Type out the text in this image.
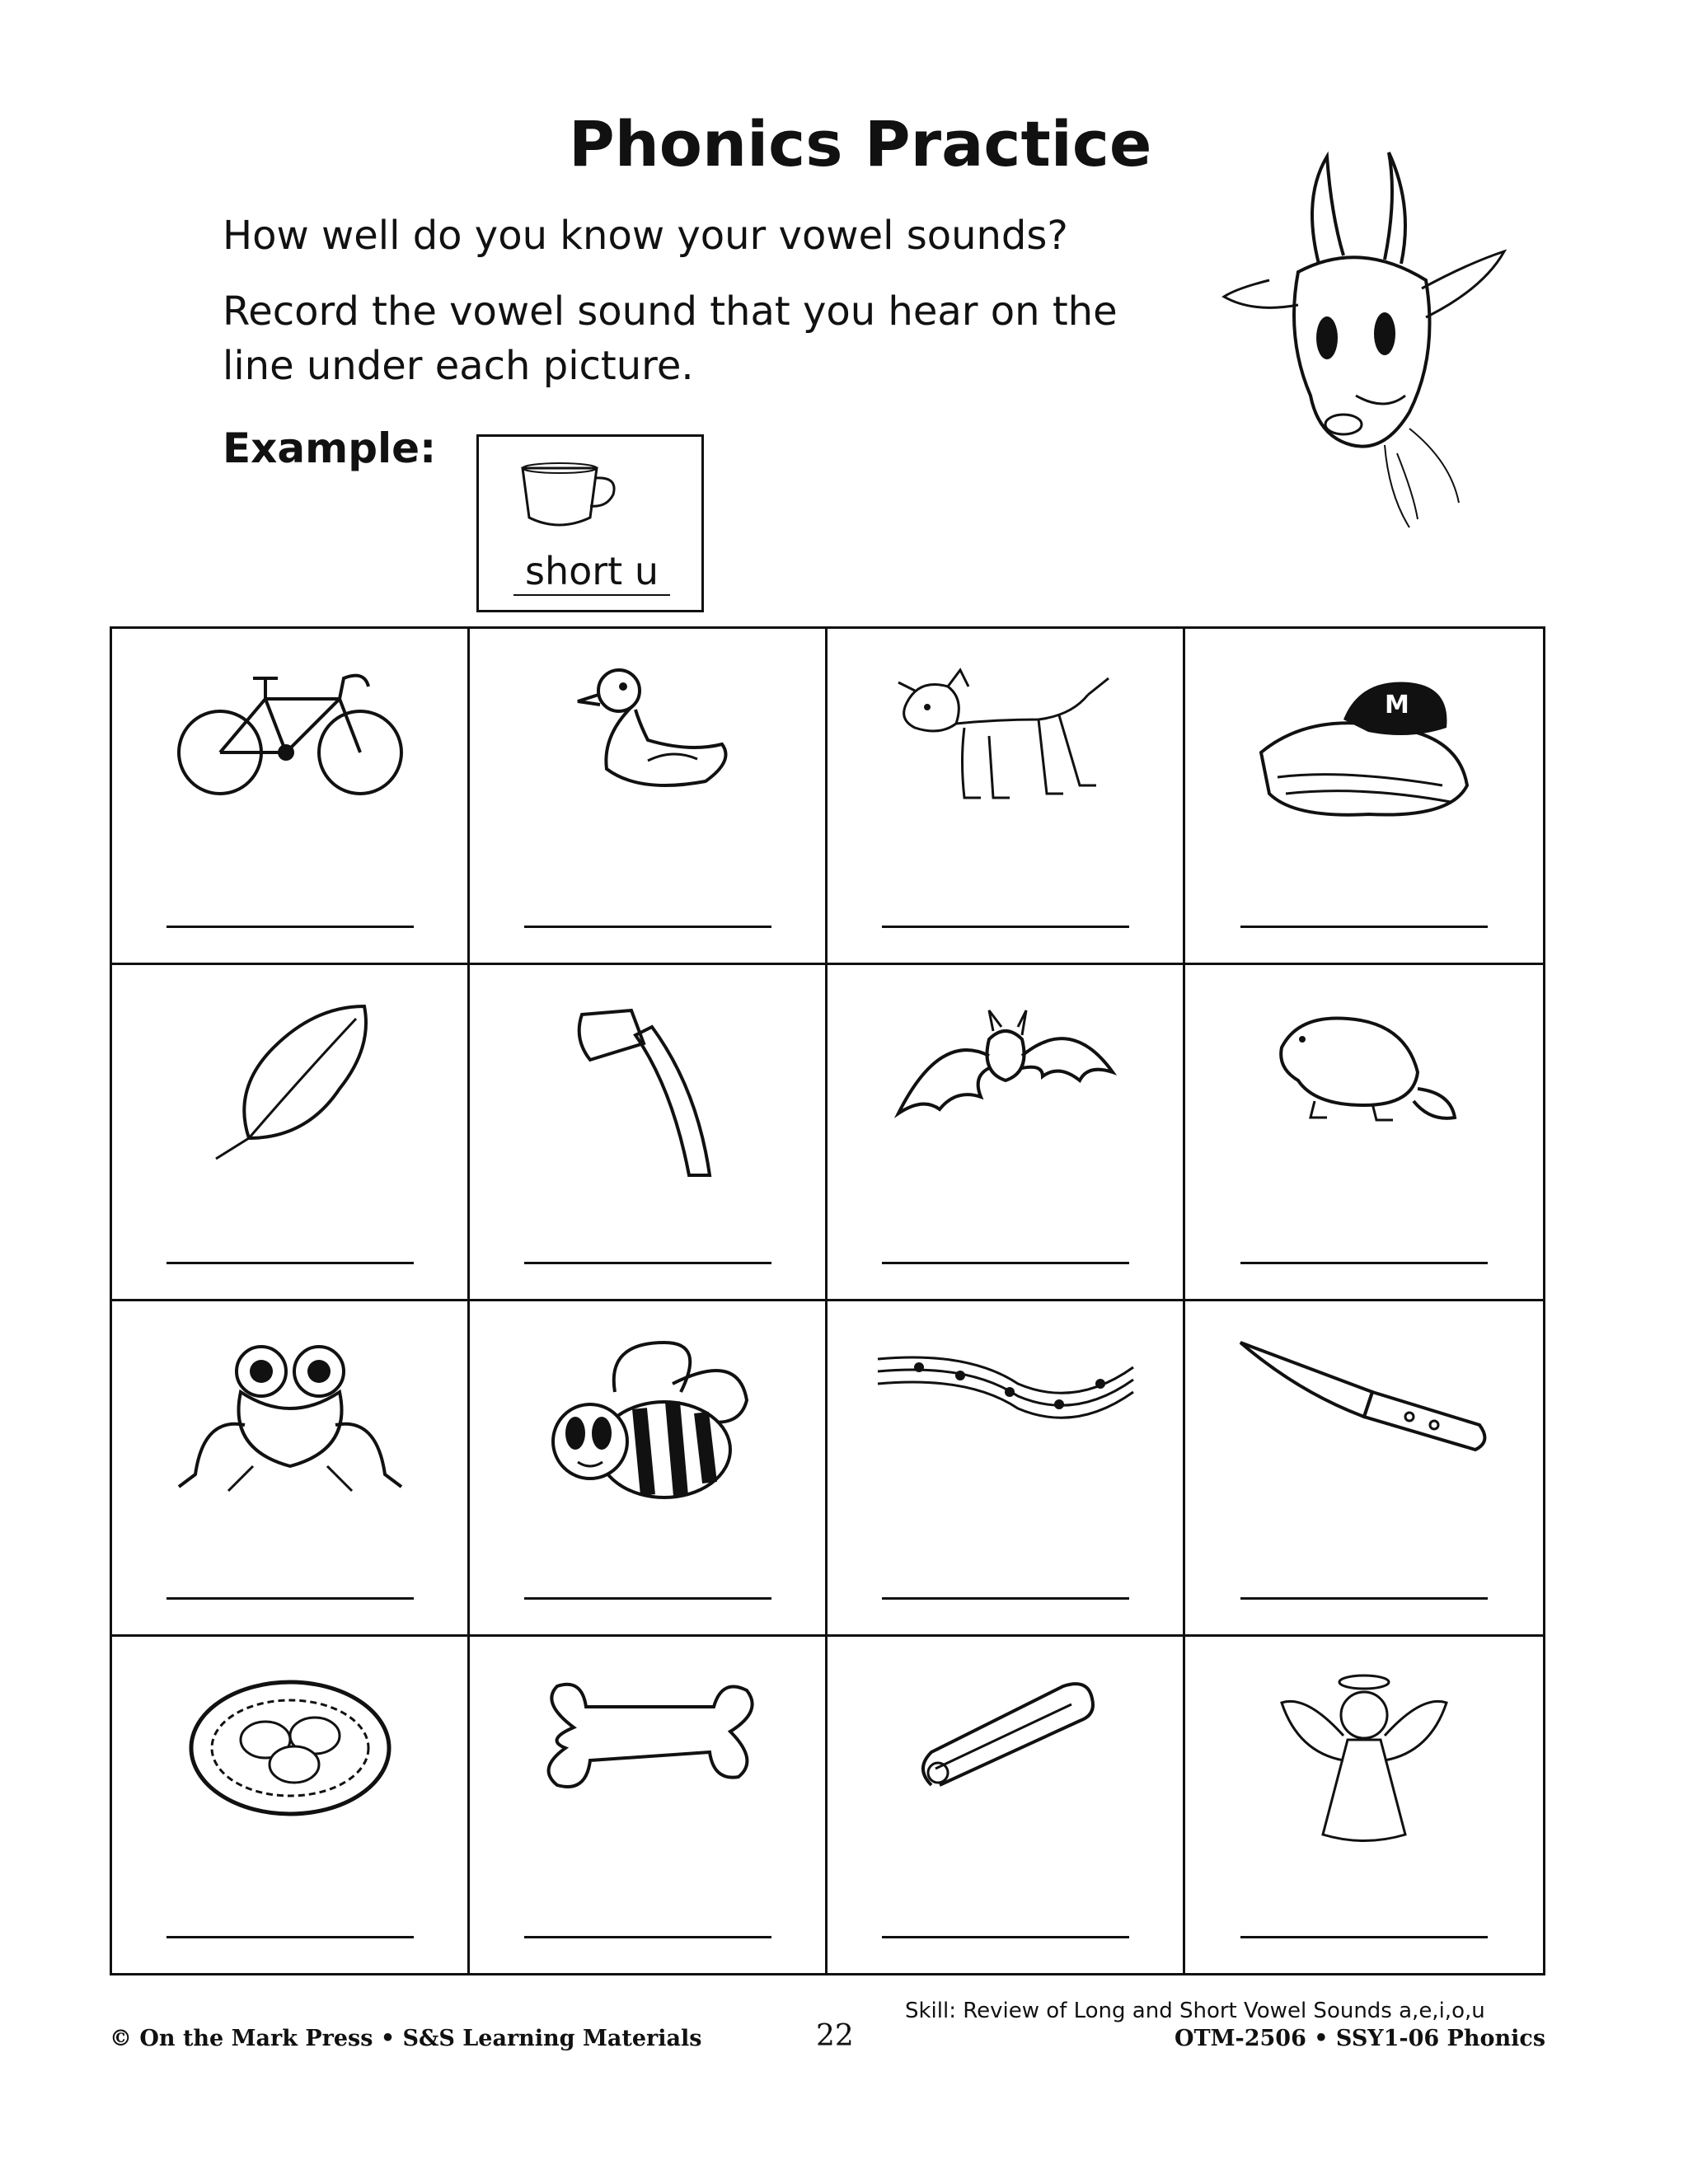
Phonics Practice
How well do you know your vowel sounds?
Record the vowel sound that you hear on the
line under each picture.
Example:
short u
M
© On the Mark Press • S&S Learning Materials	22
Skill: Review of Long and Short Vowel Sounds a,e,i,o,u
OTM-2506 • SSY1-06 Phonics
